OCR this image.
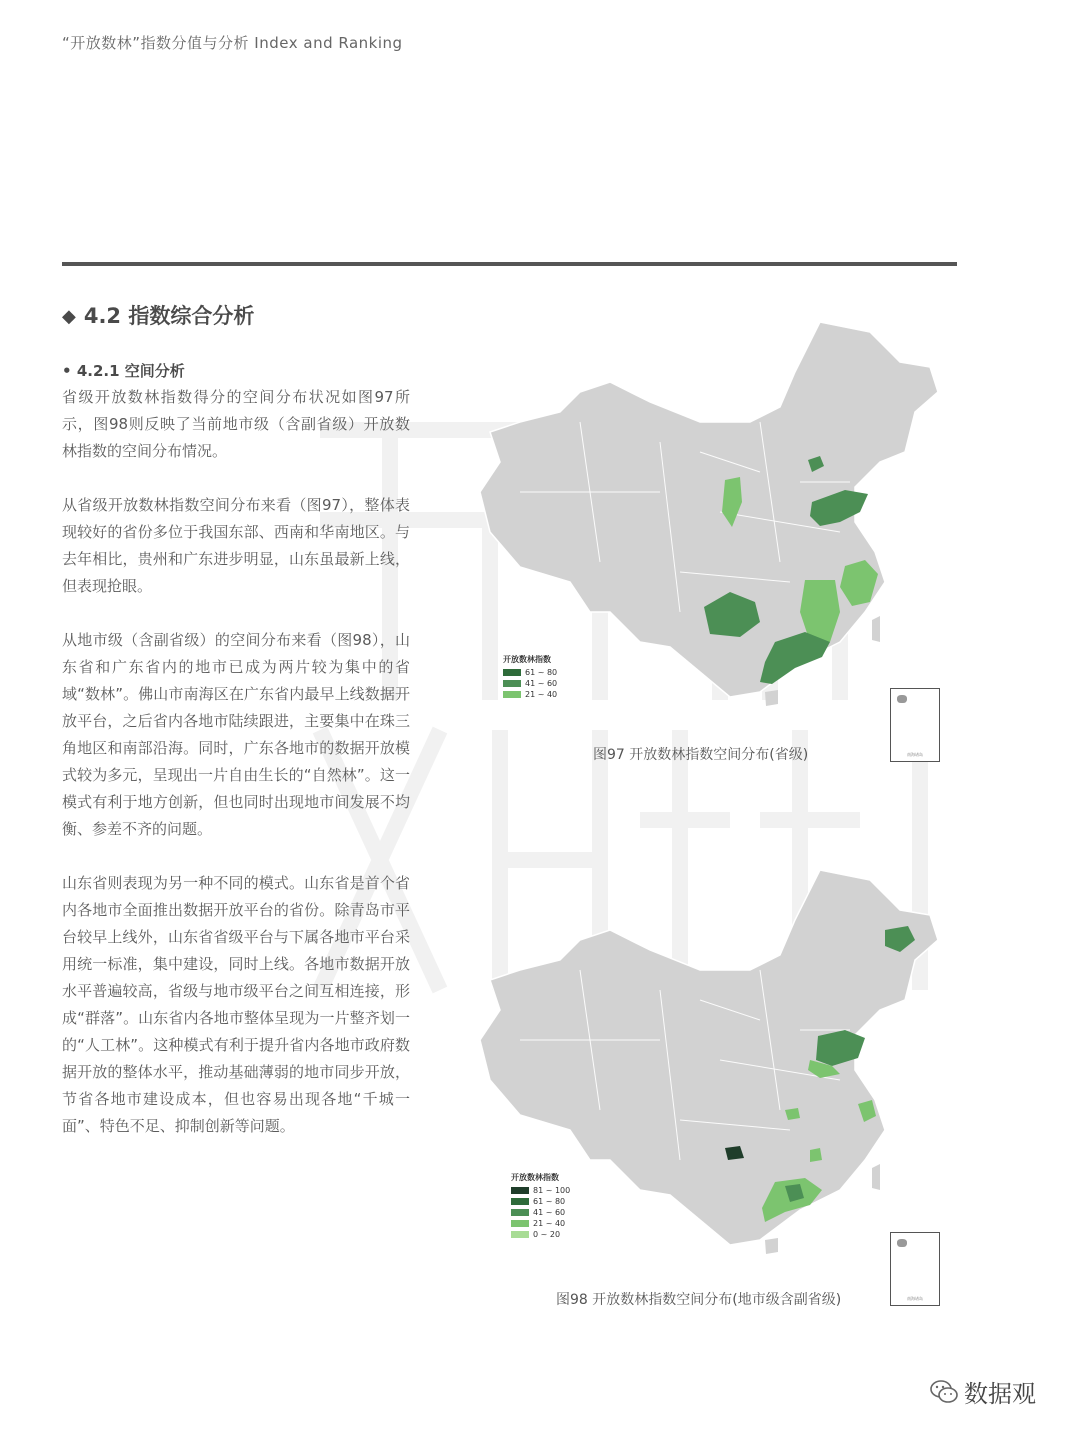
“开放数林”指数分值与分析 Index and Ranking
◆ 4.2 指数综合分析
• 4.2.1 空间分析

省级开放数林指数得分的空间分布状况如图97所示，图98则反映了当前地市级（含副省级）开放数林指数的空间分布情况。

从省级开放数林指数空间分布来看（图97），整体表现较好的省份多位于我国东部、西南和华南地区。与去年相比，贵州和广东进步明显，山东虽最新上线，但表现抢眼。

从地市级（含副省级）的空间分布来看（图98），山东省和广东省内的地市已成为两片较为集中的省域“数林”。佛山市南海区在广东省内最早上线数据开放平台，之后省内各地市陆续跟进，主要集中在珠三角地区和南部沿海。同时，广东各地市的数据开放模式较为多元，呈现出一片自由生长的“自然林”。这一模式有利于地方创新，但也同时出现地市间发展不均衡、参差不齐的问题。

山东省则表现为另一种不同的模式。山东省是首个省内各地市全面推出数据开放平台的省份。除青岛市平台较早上线外，山东省省级平台与下属各地市平台采用统一标准，集中建设，同时上线。各地市数据开放水平普遍较高，省级与地市级平台之间互相连接，形成“群落”。山东省内各地市整体呈现为一片整齐划一的“人工林”。这种模式有利于提升省内各地市政府数据开放的整体水平，推动基础薄弱的地市同步开放，节省各地市建设成本，但也容易出现各地“千城一面”、特色不足、抑制创新等问题。

开放数林指数
61 ~ 80
41 ~ 60
21 ~ 40
南海诸岛
图97 开放数林指数空间分布(省级)
开放数林指数
81 ~ 100
61 ~ 80
41 ~ 60
21 ~ 40
0 ~ 20
南海诸岛
图98 开放数林指数空间分布(地市级含副省级)
数据观
